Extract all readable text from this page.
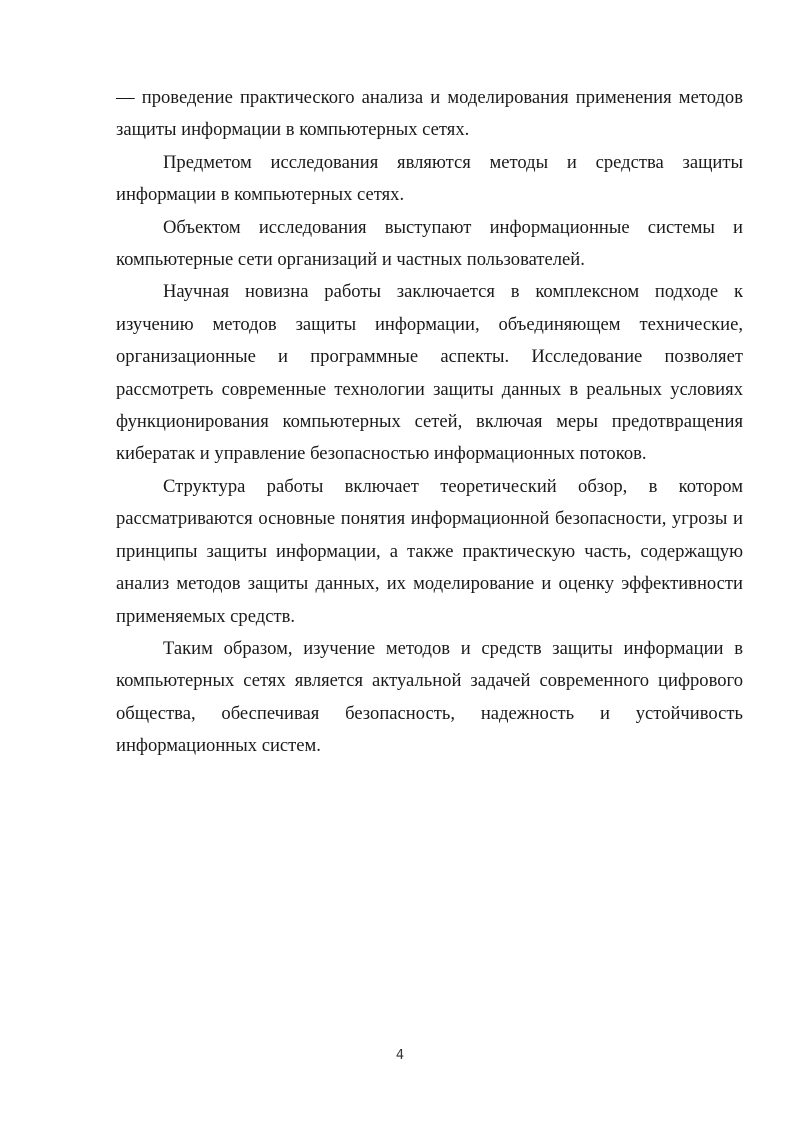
— проведение практического анализа и моделирования применения методов защиты информации в компьютерных сетях.

Предметом исследования являются методы и средства защиты информации в компьютерных сетях.

Объектом исследования выступают информационные системы и компьютерные сети организаций и частных пользователей.

Научная новизна работы заключается в комплексном подходе к изучению методов защиты информации, объединяющем технические, организационные и программные аспекты. Исследование позволяет рассмотреть современные технологии защиты данных в реальных условиях функционирования компьютерных сетей, включая меры предотвращения кибератак и управление безопасностью информационных потоков.

Структура работы включает теоретический обзор, в котором рассматриваются основные понятия информационной безопасности, угрозы и принципы защиты информации, а также практическую часть, содержащую анализ методов защиты данных, их моделирование и оценку эффективности применяемых средств.

Таким образом, изучение методов и средств защиты информации в компьютерных сетях является актуальной задачей современного цифрового общества, обеспечивая безопасность, надежность и устойчивость информационных систем.

4
